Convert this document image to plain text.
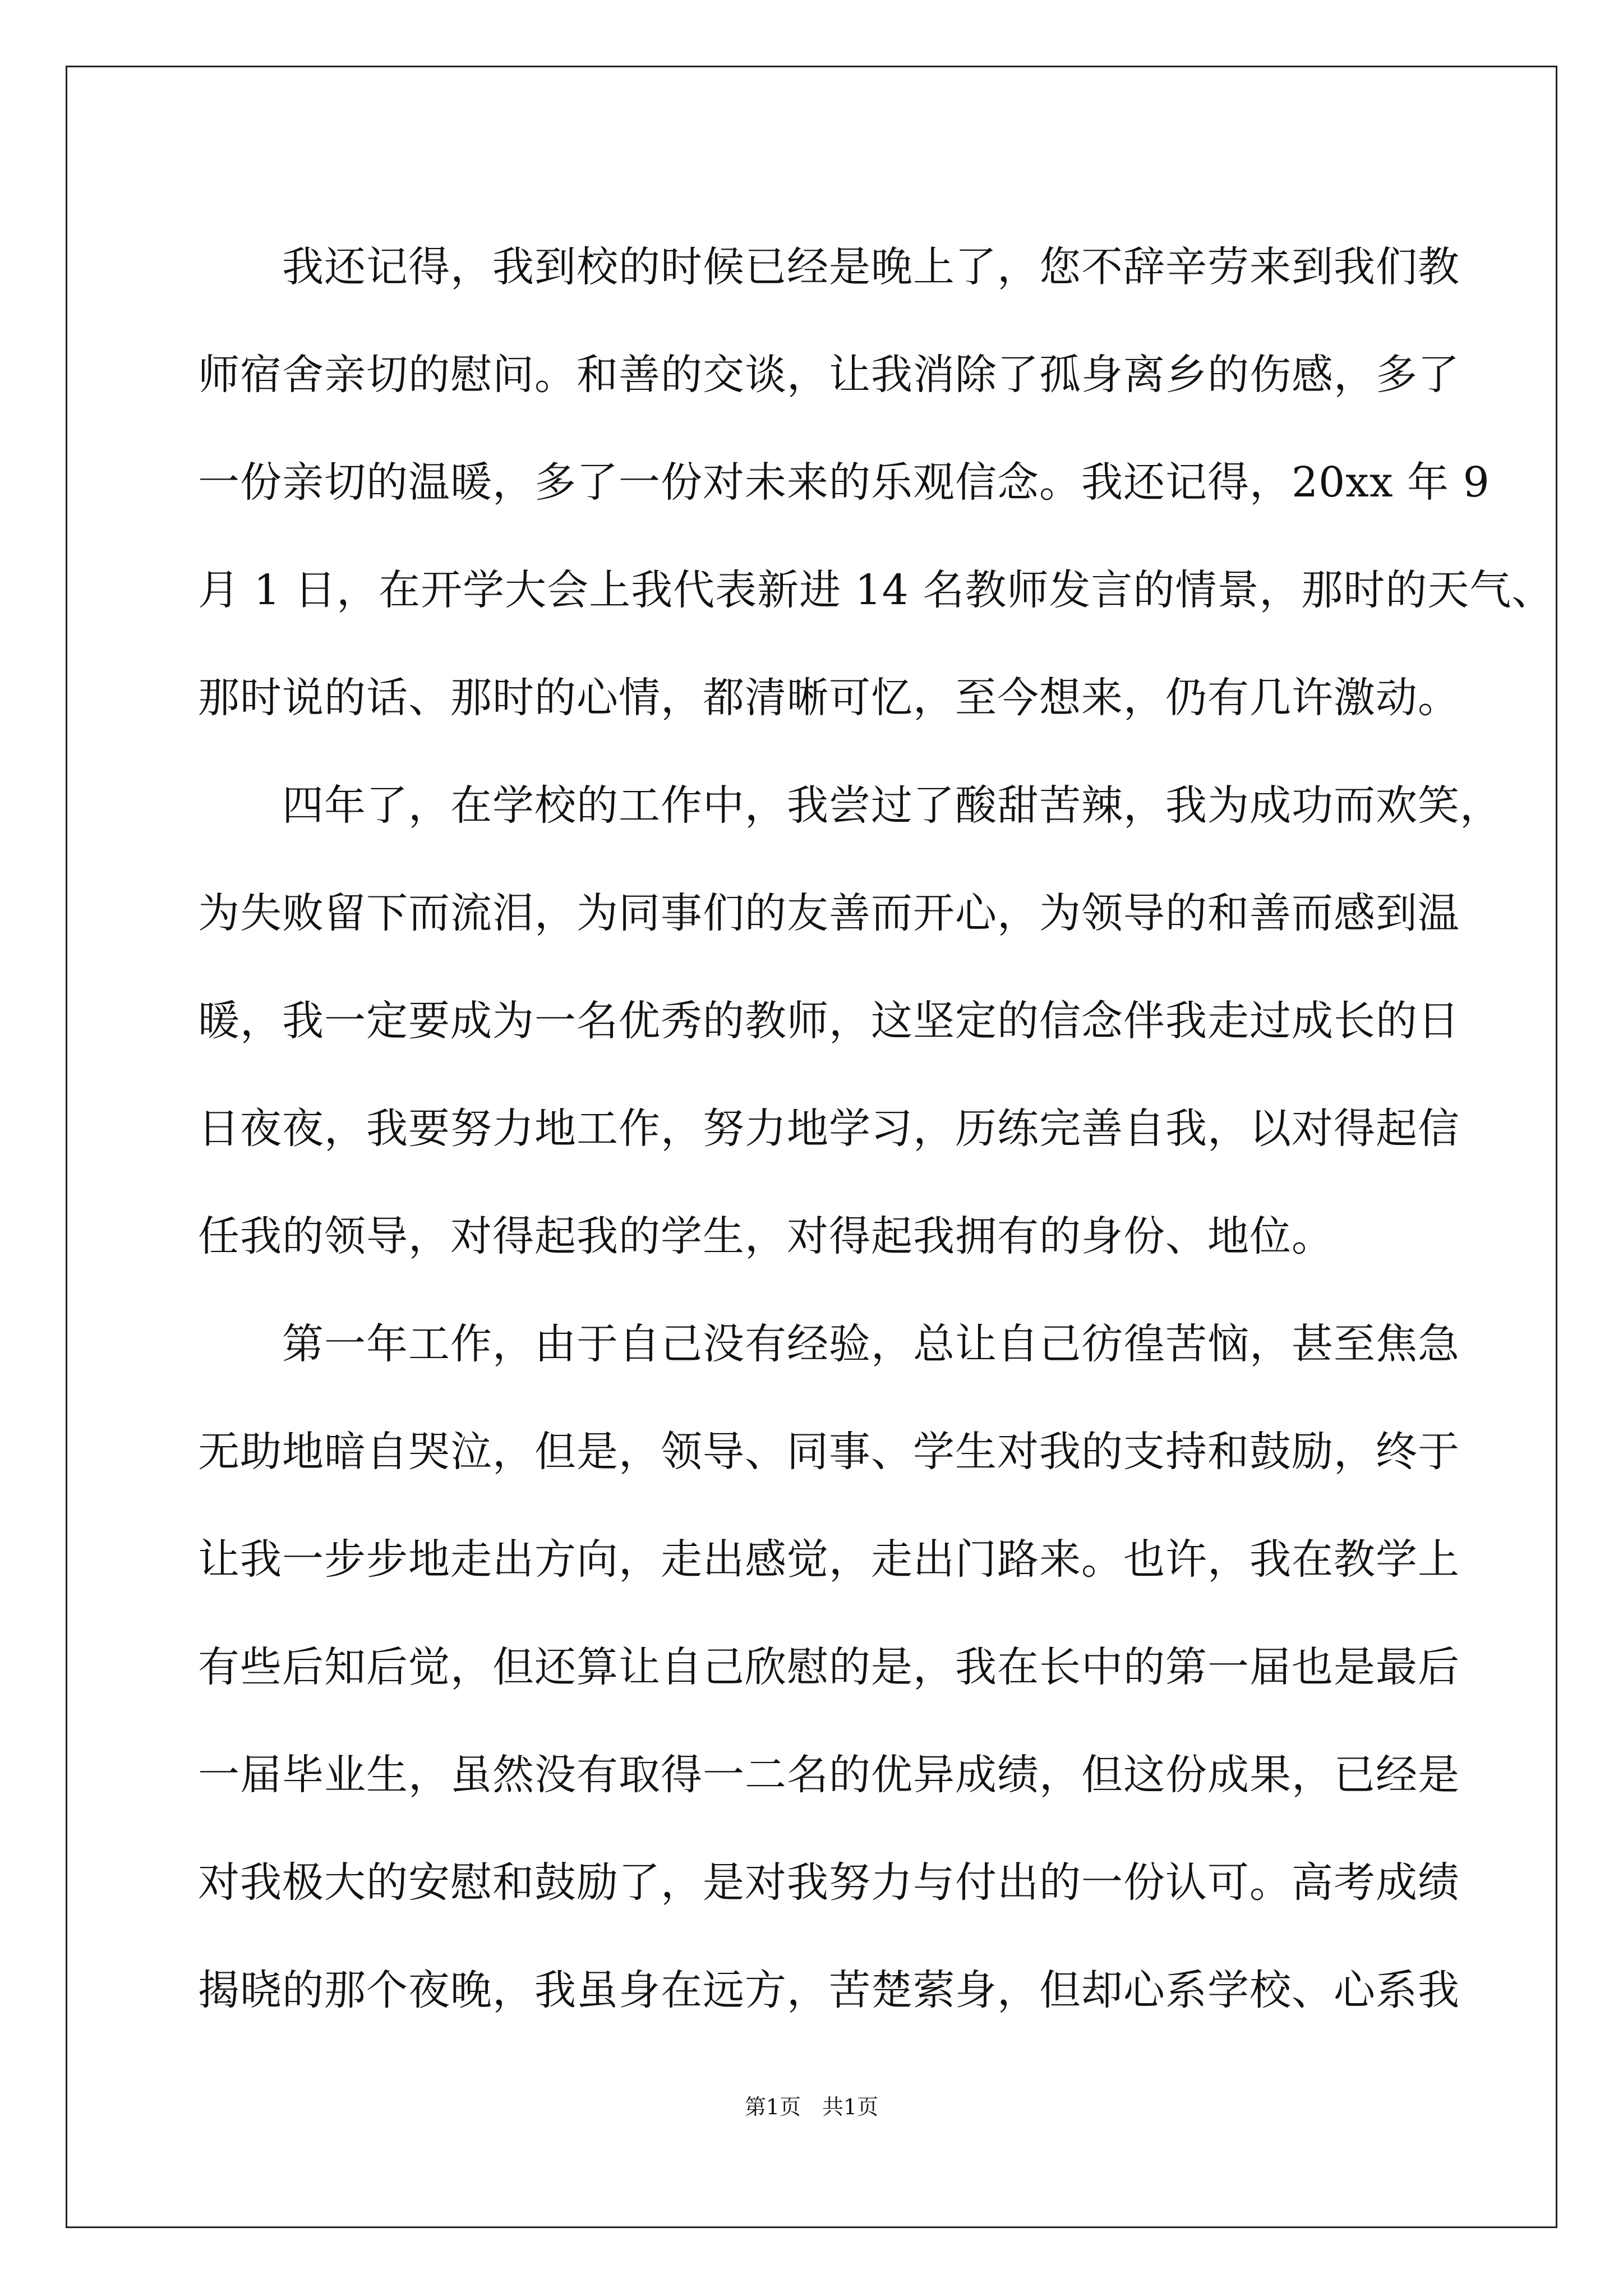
我还记得，我到校的时候已经是晚上了，您不辞辛劳来到我们教
师宿舍亲切的慰问。和善的交谈，让我消除了孤身离乡的伤感，多了
一份亲切的温暖，多了一份对未来的乐观信念。我还记得，20xx 年 9
月 1 日，在开学大会上我代表新进 14 名教师发言的情景，那时的天气、
那时说的话、那时的心情，都清晰可忆，至今想来，仍有几许激动。
四年了，在学校的工作中，我尝过了酸甜苦辣，我为成功而欢笑，
为失败留下而流泪，为同事们的友善而开心，为领导的和善而感到温
暖，我一定要成为一名优秀的教师，这坚定的信念伴我走过成长的日
日夜夜，我要努力地工作，努力地学习，历练完善自我，以对得起信
任我的领导，对得起我的学生，对得起我拥有的身份、地位。
第一年工作，由于自己没有经验，总让自己彷徨苦恼，甚至焦急
无助地暗自哭泣，但是，领导、同事、学生对我的支持和鼓励，终于
让我一步步地走出方向，走出感觉，走出门路来。也许，我在教学上
有些后知后觉，但还算让自己欣慰的是，我在长中的第一届也是最后
一届毕业生，虽然没有取得一二名的优异成绩，但这份成果，已经是
对我极大的安慰和鼓励了，是对我努力与付出的一份认可。高考成绩
揭晓的那个夜晚，我虽身在远方，苦楚萦身，但却心系学校、心系我
第1页　共1页
